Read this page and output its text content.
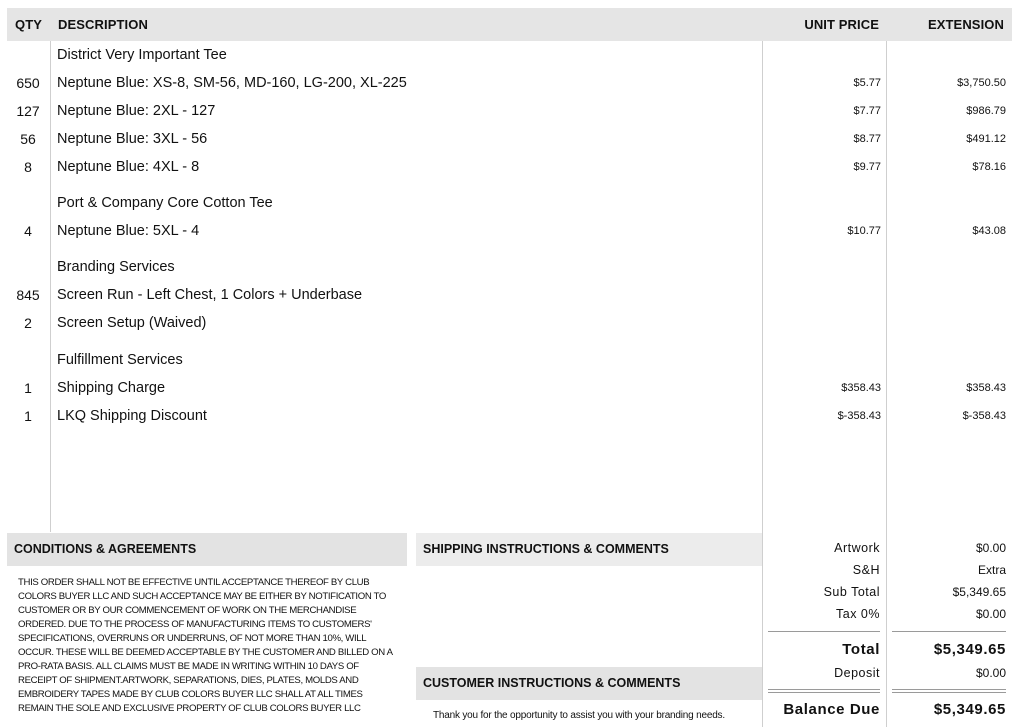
QTY DESCRIPTION	UNIT PRICE	EXTENSION
District Very Important Tee
650	Neptune Blue: XS-8, SM-56, MD-160, LG-200, XL-225	$5.77	$3,750.50
127	Neptune Blue: 2XL - 127	$7.77	$986.79
56	Neptune Blue: 3XL - 56	$8.77	$491.12
8	Neptune Blue: 4XL - 8	$9.77	$78.16
Port & Company Core Cotton Tee
4	Neptune Blue: 5XL - 4	$10.77	$43.08
Branding Services
845	Screen Run - Left Chest, 1 Colors + Underbase
2	Screen Setup (Waived)
Fulfillment Services
1	Shipping Charge	$358.43	$358.43
1	LKQ Shipping Discount	$-358.43	$-358.43
CONDITIONS & AGREEMENTS
THIS ORDER SHALL NOT BE EFFECTIVE UNTIL ACCEPTANCE THEREOF BY CLUB
COLORS BUYER LLC AND SUCH ACCEPTANCE MAY BE EITHER BY NOTIFICATION TO
CUSTOMER OR BY OUR COMMENCEMENT OF WORK ON THE MERCHANDISE
ORDERED. DUE TO THE PROCESS OF MANUFACTURING ITEMS TO CUSTOMERS'
SPECIFICATIONS, OVERRUNS OR UNDERRUNS, OF NOT MORE THAN 10%, WILL
OCCUR. THESE WILL BE DEEMED ACCEPTABLE BY THE CUSTOMER AND BILLED ON A
PRO-RATA BASIS. ALL CLAIMS MUST BE MADE IN WRITING WITHIN 10 DAYS OF
RECEIPT OF SHIPMENT.ARTWORK, SEPARATIONS, DIES, PLATES, MOLDS AND
EMBROIDERY TAPES MADE BY CLUB COLORS BUYER LLC SHALL AT ALL TIMES
REMAIN THE SOLE AND EXCLUSIVE PROPERTY OF CLUB COLORS BUYER LLC
SHIPPING INSTRUCTIONS & COMMENTS
CUSTOMER INSTRUCTIONS & COMMENTS
Thank you for the opportunity to assist you with your branding needs.
Artwork	$0.00
S&H	Extra
Sub Total	$5,349.65
Tax 0%	$0.00
Total	$5,349.65
Deposit	$0.00
Balance Due	$5,349.65
